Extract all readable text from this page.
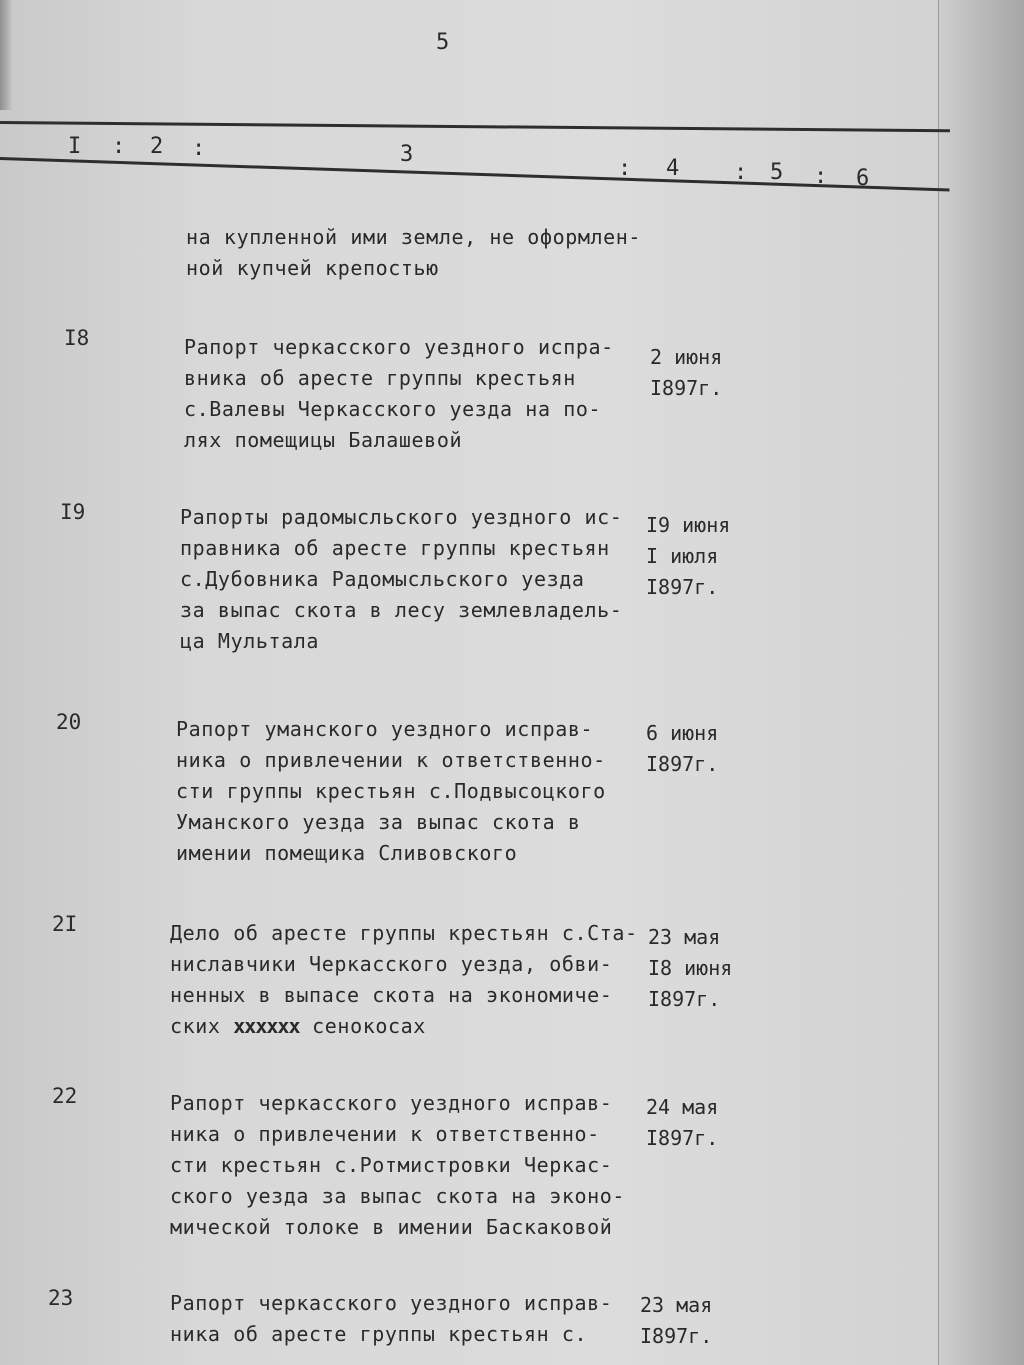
5
I : 2 :	3
: 4 : 5 : 6
на купленной ими земле, не оформлен-
ной купчей крепостью
I8	Рапорт черкасского уездного испра-
вника об аресте группы крестьян
с.Валевы Черкасского уезда на по-
лях помещицы Балашевой
2 июня
I897г.
I9	Рапорты радомысльского уездного ис-
правника об аресте группы крестьян
с.Дубовника Радомысльского уезда
за выпас скота в лесу землевладель-
ца Мультала
I9 июня
I июля
I897г.
20	Рапорт уманского уездного исправ-
ника о привлечении к ответственно-
сти группы крестьян с.Подвысоцкого
Уманского уезда за выпас скота в
имении помещика Сливовского
6 июня
I897г.
2I	Дело об аресте группы крестьян с.Ста-
ниславчики Черкасского уезда, обви-
ненных в выпасе скота на экономиче-
ских хххххх сенокосах
23 мая
I8 июня
I897г.
22	Рапорт черкасского уездного исправ-
ника о привлечении к ответственно-
сти крестьян с.Ротмистровки Черкас-
ского уезда за выпас скота на эконо-
мической толоке в имении Баскаковой
24 мая
I897г.
23	Рапорт черкасского уездного исправ-
ника об аресте группы крестьян с.
23 мая
I897г.
